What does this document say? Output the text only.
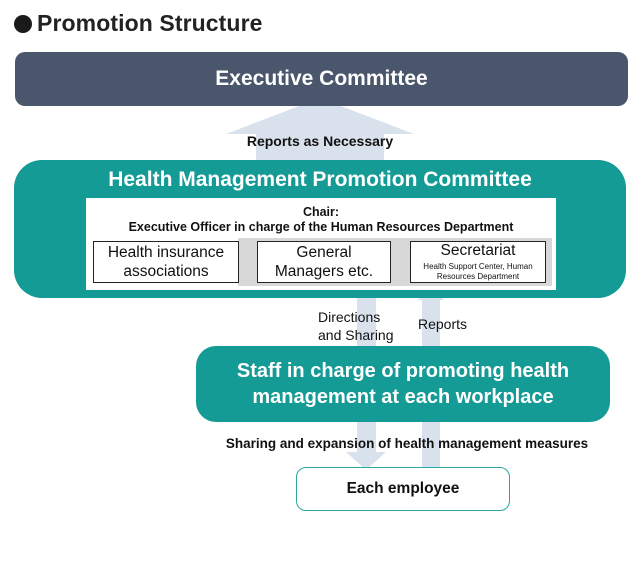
Promotion Structure
Executive Committee
Reports as Necessary
Health Management Promotion Committee
Chair:
Executive Officer in charge of the Human Resources Department
Health insurance
associations
General
Managers etc.
Secretariat
Health Support Center, Human
Resources Department
Directions
and Sharing
Reports
Staff in charge of promoting health
management at each workplace
Sharing and expansion of health management measures
Each employee
